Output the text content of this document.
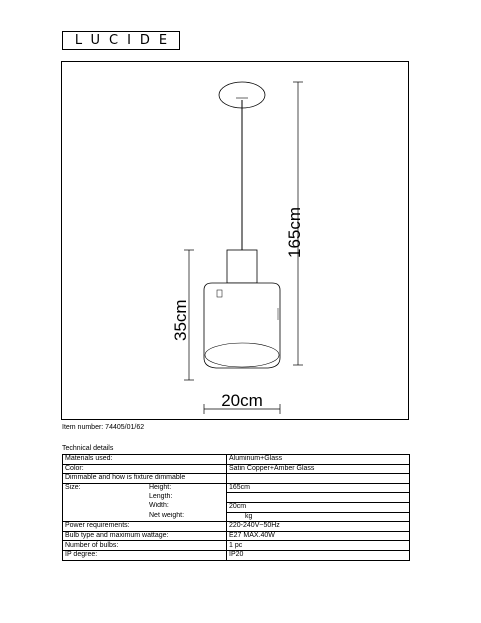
LUCIDE
165cm
35cm
20cm
Item number: 74405/01/62
Technical details
Materials used:	Aluminum+Glass
Color:	Satin Copper+Amber Glass
Dimmable and how is fixture dimmable	
Size: Height:	165cm

Length:	

Width:	20cm

Net weight:	kg
Power requirements:	220-240V~50Hz
Bulb type and maximum wattage:	E27 MAX.40W
Number of bulbs:	1 pc
IP degree:	IP20
